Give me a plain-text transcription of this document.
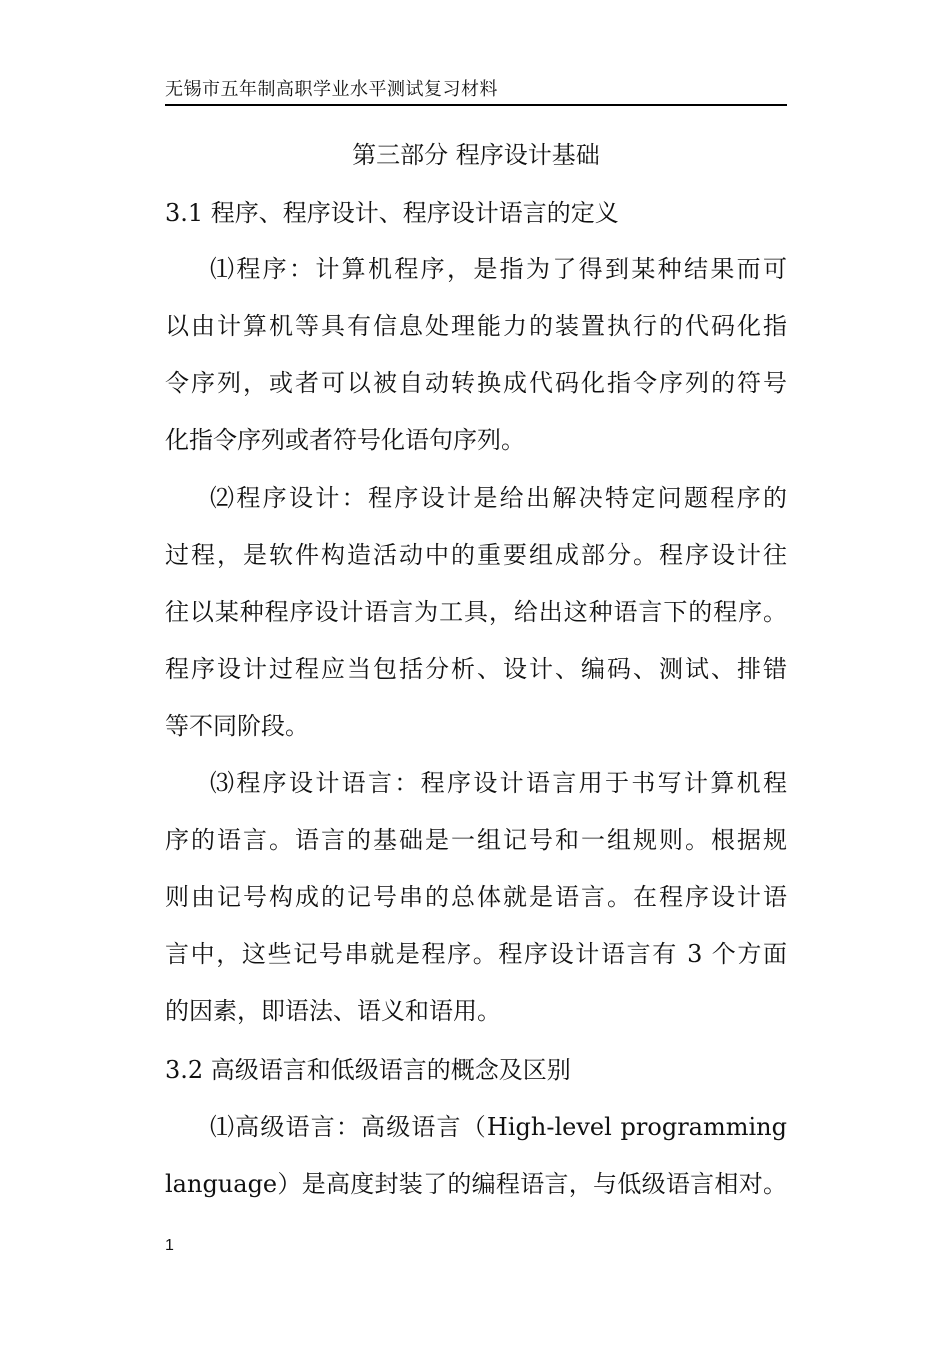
无锡市五年制高职学业水平测试复习材料
第三部分 程序设计基础
3.1 程序、程序设计、程序设计语言的定义
⑴程序：计算机程序，是指为了得到某种结果而可
以由计算机等具有信息处理能力的装置执行的代码化指
令序列，或者可以被自动转换成代码化指令序列的符号
化指令序列或者符号化语句序列。
⑵程序设计：程序设计是给出解决特定问题程序的
过程，是软件构造活动中的重要组成部分。程序设计往
往以某种程序设计语言为工具，给出这种语言下的程序。
程序设计过程应当包括分析、设计、编码、测试、排错
等不同阶段。
⑶程序设计语言：程序设计语言用于书写计算机程
序的语言。语言的基础是一组记号和一组规则。根据规
则由记号构成的记号串的总体就是语言。在程序设计语
言中，这些记号串就是程序。程序设计语言有 3 个方面
的因素，即语法、语义和语用。
3.2 高级语言和低级语言的概念及区别
⑴高级语言：高级语言（High-level programming
language）是高度封装了的编程语言，与低级语言相对。
1
